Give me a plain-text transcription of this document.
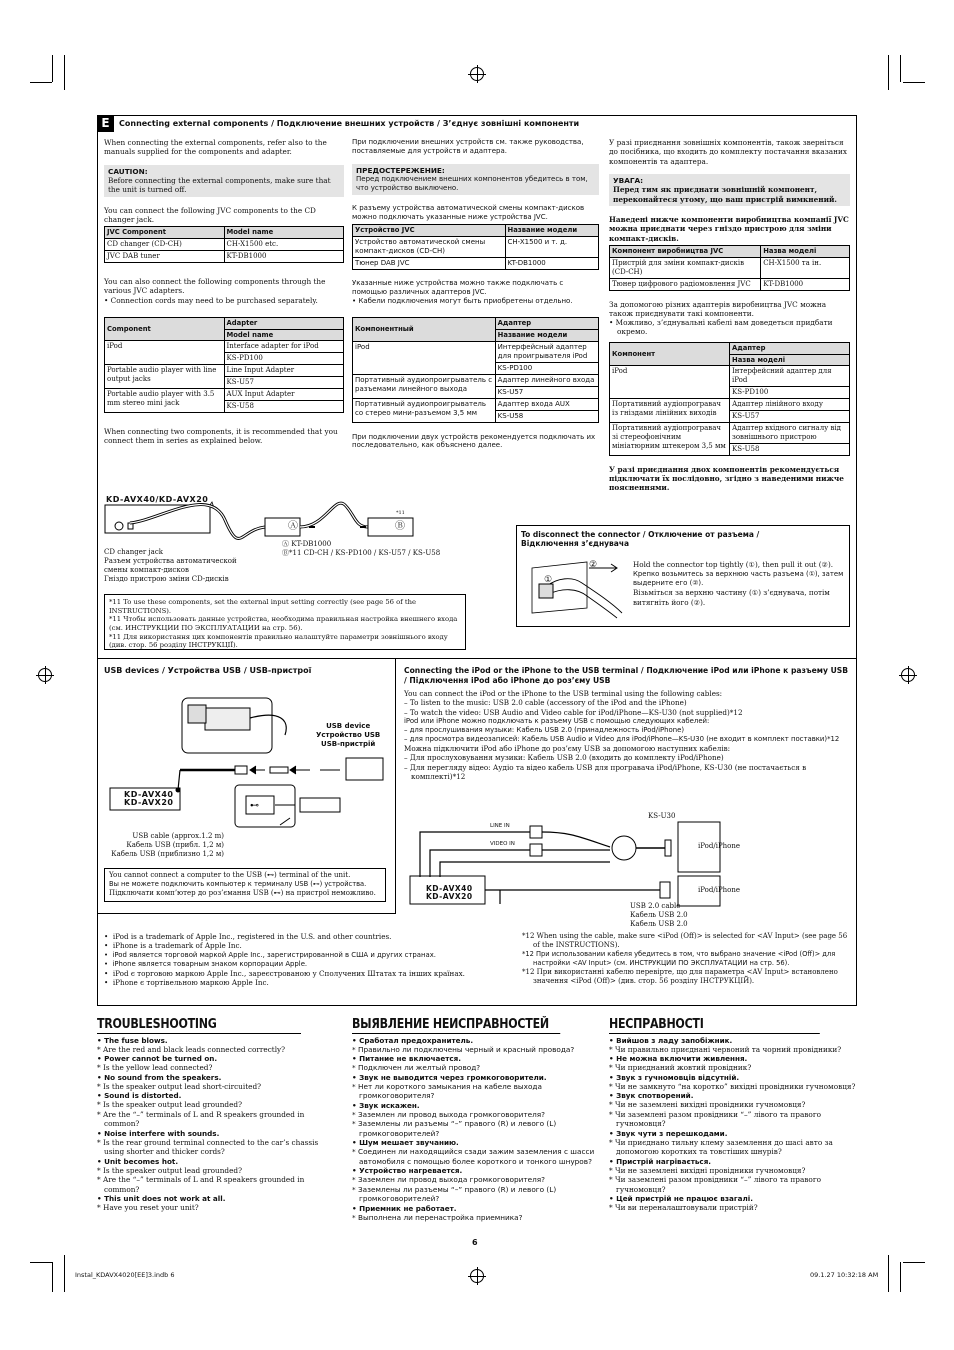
E	Connecting external components / Подключение внешних устройств / З’єднує зовнішні компоненти

When connecting the external components, refer also to the manuals supplied for the components and adapter.

CAUTION:
Before connecting the external components, make sure that the unit is turned off.

You can connect the following JVC components to the CD changer jack.

JVC Component	Model name
CD changer (CD-CH)	CH-X1500 etc.
JVC DAB tuner	KT-DB1000

You can also connect the following components through the various JVC adapters.

• Connection cords may need to be purchased separately.

Component	Adapter
	Model name
iPod	Interface adapter for iPod
	KS-PD100
Portable audio player with line output jacks	Line Input Adapter
	KS-U57
Portable audio player with 3.5 mm stereo mini jack	AUX Input Adapter
	KS-U58

When connecting two components, it is recommended that you connect them in series as explained below.

При подключении внешних устройств см. также руководства, поставляемые для устройств и адаптера.

ПРЕДОСТЕРЕЖЕНИЕ:
Перед подключением внешних компонентов убедитесь в том, что устройство выключено.

К разъему устройства автоматической смены компакт-дисков можно подключать указанные ниже устройства JVC.

Устройство JVC	Название модели
Устройство автоматической смены компакт-дисков (CD-CH)	CH-X1500 и т. д.
Тюнер DAB JVC	KT-DB1000

Указанные ниже устройства можно также подключать с помощью различных адаптеров JVC.

• Кабели подключения могут быть приобретены отдельно.

Компонентный	Адаптер
	Название модели
iPod	Интерфейсный адаптер для проигрывателя iPod
	KS-PD100
Портативный аудиопроигрыватель с разъемами линейного выхода	Адаптер линейного входа
	KS-U57
Портативный аудиопроигрыватель со стерео мини-разъемом 3,5 мм	Адаптер входа AUX
	KS-U58

При подключении двух устройств рекомендуется подключать их последовательно, как объяснено далее.

У разі приєднання зовнішніх компонентів, також зверніться до посібника, що входить до комплекту постачання вказаних компонентів та адаптера.

УВАГА:
Перед тим як приєднати зовнішній компонент, переконайтеся утому, що ваш пристрій вимкнений.

Наведені нижче компоненти виробництва компанії JVC можна приєднати через гніздо пристрою для зміни компакт-дисків.

Компонент виробництва JVC	Назва моделі
Пристрій для зміни компакт-дисків (CD-CH)	CH-X1500 та ін.
Тюнер цифрового радіомовлення JVC	KT-DB1000

За допомогою різних адаптерів виробництва JVC можна також приєднувати такі компоненти.

• Можливо, з’єднувальні кабелі вам доведеться придбати окремо.

Компонент	Адаптер
	Назва моделі
iPod	Інтерфейсний адаптер для iPod
	KS-PD100
Портативний аудіопрогравач із гніздами лінійних виходів	Адаптер лінійного входу
	KS-U57
Портативний аудіопрогравач зі стереофонічним мініатюрним штекером 3,5 мм	Адаптер вхідного сигналу від зовнішнього пристрою
	KS-U58

У разі приєднання двох компонентів рекомендується підключати їх послідовно, згідно з наведеними нижче поясненнями.

KD-AVX40/KD-AVX20
Ⓐ	Ⓑ
*11
Ⓐ KT-DB1000
Ⓑ*11 CD-CH / KS-PD100 / KS-U57 / KS-U58
CD changer jack
Разъем устройства автоматической
смены компакт-дисков
Гніздо пристрою зміни CD-дисків
*11 To use these components, set the external input setting correctly (see page 56 of the INSTRUCTIONS).
*11 Чтобы использовать данные устройства, необходима правильная настройка внешнего входа (см. ИНСТРУКЦИИ ПО ЭКСПЛУАТАЦИИ на стр. 56).
*11 Для використання цих компонентів правильно налаштуйте параметри зовнішнього входу (див. стор. 56 розділу ІНСТРУКЦІЇ).
To disconnect the connector / Отключение от разъема / Відключення з’єднувача
①
②	Hold the connector top tightly (①), then pull it out (②).
Крепко возьмитесь за верхнюю часть разъема (①), затем выдерните его (②).
Візьміться за верхню частину (①) з’єднувача, потім витягніть його (②).
USB devices / Устройства USB / USB-пристрої
⊷
USB device
Устройство USB
USB-пристрій
KD-AVX40
KD-AVX20
USB cable (approx.1.2 m)
Кабель USB (прибл. 1,2 м)
Кабель USB (приблизно 1,2 м)
You cannot connect a computer to the USB (⊷) terminal of the unit.
Вы не можете подключить компьютер к терминалу USB (⊷) устройства.
Підключати комп’ютер до роз’ємання USB (⊷) на пристрої неможливо.
Connecting the iPod or the iPhone to the USB terminal / Подключение iPod или iPhone к разъему USB / Підключення iPod або iPhone до роз’єму USB
You can connect the iPod or the iPhone to the USB terminal using the following cables:
– To listen to the music: USB 2.0 cable (accessory of the iPod and the iPhone)
– To watch the video: USB Audio and Video cable for iPod/iPhone—KS-U30 (not supplied)*12
iPod или iPhone можно подключать к разъему USB с помощью следующих кабелей:
– для прослушивания музыки: Кабель USB 2.0 (принадлежность iPod/iPhone)
– для просмотра видеозаписей: Кабель USB Audio и Video для iPod/iPhone—KS-U30 (не входит в комплект поставки)*12
Можна підключити iPod або iPhone до роз’єму USB за допомогою наступних кабелів:
– Для прослуховування музики: Кабель USB 2.0 (входить до комплекту iPod/iPhone)
– Для перегляду відео: Аудіо та відео кабель USB для програвача iPod/iPhone, KS-U30 (не постачається в комплекті)*12
LINE IN
VIDEO IN
KS-U30
iPod/iPhone
iPod/iPhone
KD-AVX40
KD-AVX20
USB 2.0 cable
Кабель USB 2.0
Кабель USB 2.0
•  iPod is a trademark of Apple Inc., registered in the U.S. and other countries.
•  iPhone is a trademark of Apple Inc.
•  iPod является торговой маркой Apple Inc., зарегистрированной в США и других странах.
•  iPhone является товарным знаком корпорации Apple.
•  iPod є торговою маркою Apple Inc., зареєстрованою у Сполучених Штатах та інших країнах.
•  iPhone є тортівельною маркою Apple Inc.
*12 When using the cable, make sure <iPod (Off)> is selected for <AV Input> (see page 56 of the INSTRUCTIONS).
*12 При использовании кабеля убедитесь в том, что выбрано значение <iPod (Off)> для настройки <AV Input> (см. ИНСТРУКЦИИ ПО ЭКСПЛУАТАЦИИ на стр. 56).
*12 При використанні кабелю перевірте, що для параметра <AV Input> встановлено значення <iPod (Off)> (див. стор. 56 розділу ІНСТРУКЦІЙ).
TROUBLESHOOTING
• The fuse blows.
* Are the red and black leads connected correctly?
• Power cannot be turned on.
* Is the yellow lead connected?
• No sound from the speakers.
* Is the speaker output lead short-circuited?
• Sound is distorted.
* Is the speaker output lead grounded?
* Are the “–” terminals of L and R speakers grounded in common?
• Noise interfere with sounds.
* Is the rear ground terminal connected to the car’s chassis using shorter and thicker cords?
• Unit becomes hot.
* Is the speaker output lead grounded?
* Are the “–” terminals of L and R speakers grounded in common?
• This unit does not work at all.
* Have you reset your unit?
ВЫЯВЛЕНИЕ НЕИСПРАВНОСТЕЙ
• Сработал предохранитель.
* Правильно ли подключены черный и красный провода?
• Питание не включается.
* Подключен ли желтый провод?
• Звук не выводится через громкоговорители.
* Нет ли короткого замыкания на кабеле выхода громкоговорителя?
• Звук искажен.
* Заземлен ли провод выхода громкоговорителя?
* Заземлены ли разъемы “–” правого (R) и левого (L) громкоговорителей?
• Шум мешает звучанию.
* Соединен ли находящийся сзади зажим заземления с шасси автомобиля с помощью более короткого и тонкого шнуров?
• Устройство нагревается.
* Заземлен ли провод выхода громкоговорителя?
* Заземлены ли разъемы “–” правого (R) и левого (L) громкоговорителей?
• Приемник не работает.
* Выполнена ли перенастройка приемника?
НЕСПРАВНОСТІ
• Вийшов з ладу запобіжник.
* Чи правильно приєднані червоний та чорний провідники?
• Не можна включити живлення.
* Чи приєднаний жовтий провідник?
• Звук з гучномовців відсутній.
* Чи не замкнуто “на коротко” вихідні провідники гучномовця?
• Звук спотворений.
* Чи не заземлені вихідні провідники гучномовця?
* Чи заземлені разом провідники “–” лівого та правого гучномовця?
• Звук чути з перешкодами.
* Чи приєднано тильну клему заземлення до шасі авто за допомогою коротких та товстіших шнурів?
• Пристрій нагрівається.
* Чи не заземлені вихідні провідники гучномовця?
* Чи заземлені разом провідники “–” лівого та правого гучномовця?
• Цей пристрій не працює взагалі.
* Чи ви переналаштовували пристрій?
6
Instal_KDAVX4020[EE]3.indb 6	09.1.27 10:32:18 AM
